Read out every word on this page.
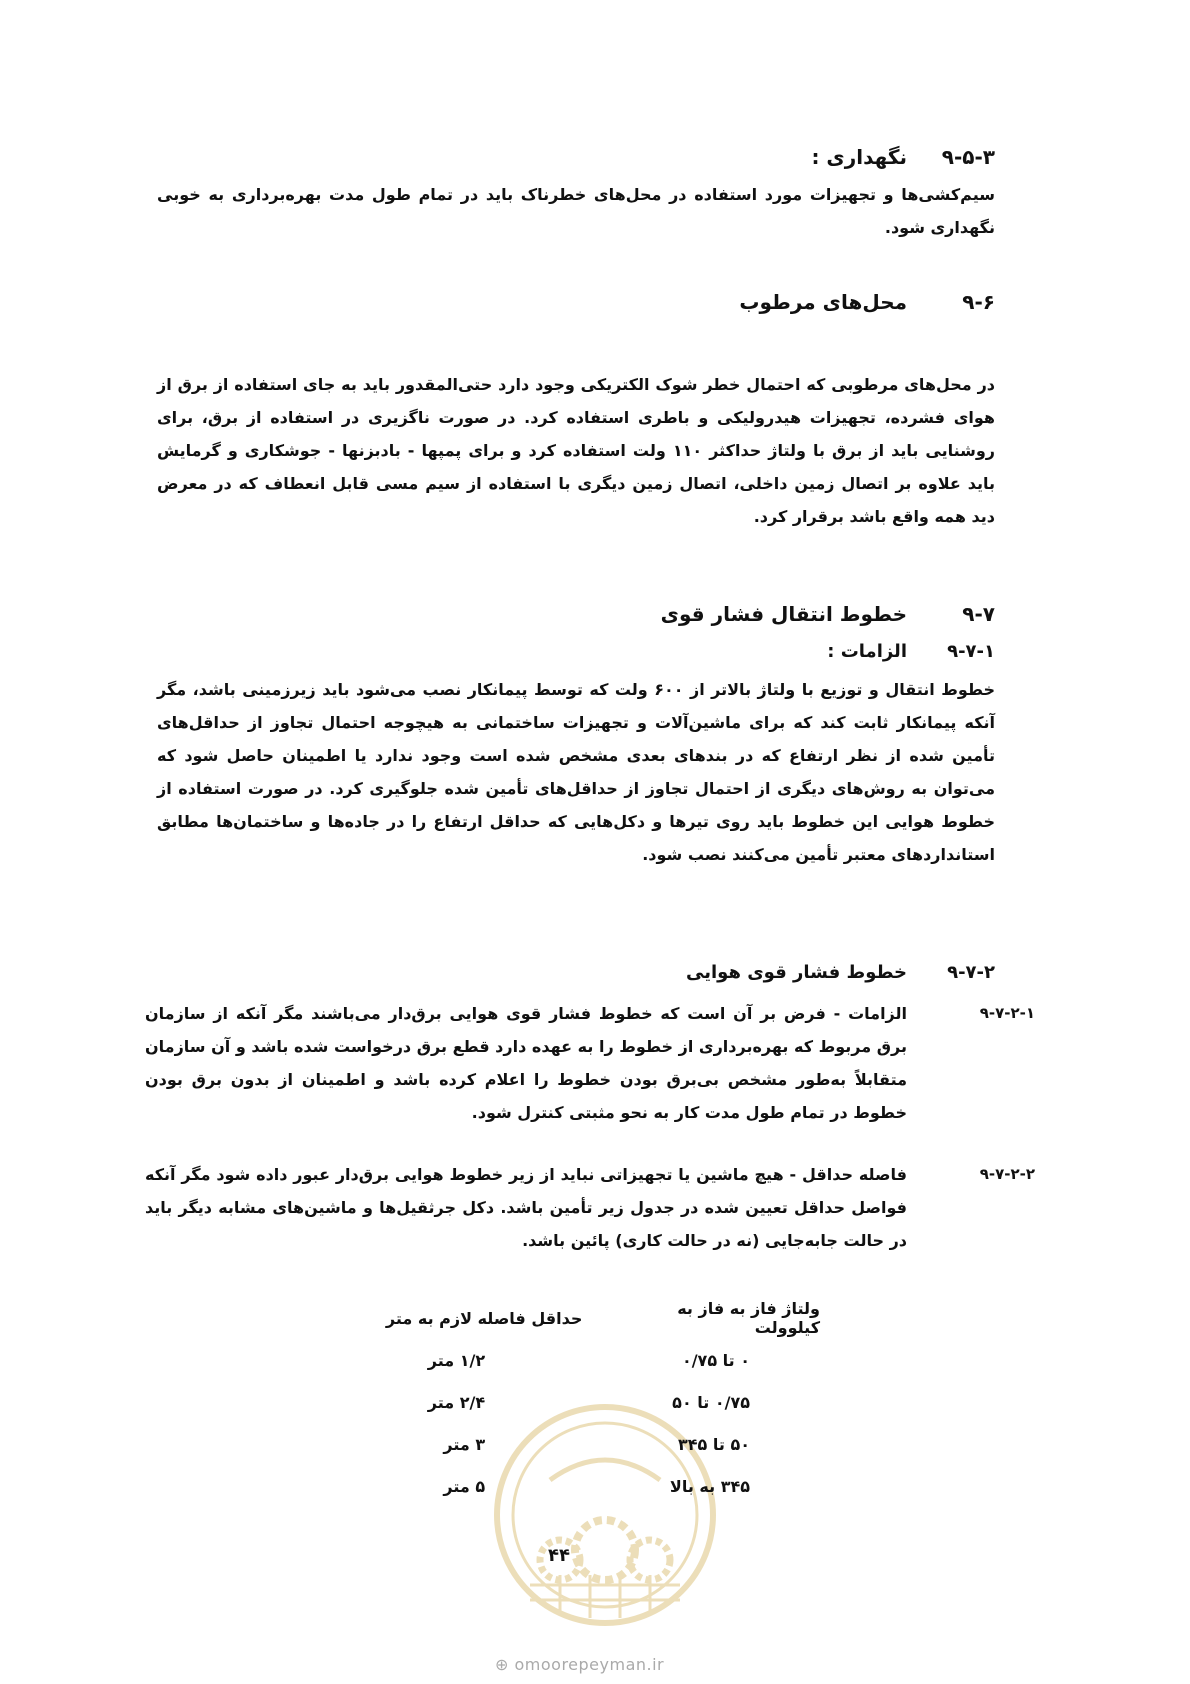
۹-۵-۳نگهداری :
سیم‌کشی‌ها و تجهیزات مورد استفاده در محل‌های خطرناک باید در تمام طول مدت بهره‌برداری به خوبی نگهداری شود.
۹-۶محل‌های مرطوب
در محل‌های مرطوبی که احتمال خطر شوک الکتریکی وجود دارد حتی‌المقدور باید به جای استفاده از برق از هوای فشرده، تجهیزات هیدرولیکی و باطری استفاده کرد. در صورت ناگزیری در استفاده از برق، برای روشنایی باید از برق با ولتاژ حداکثر ۱۱۰ ولت استفاده کرد و برای پمپها - بادبزنها - جوشکاری و گرمایش باید علاوه بر اتصال زمین داخلی، اتصال زمین دیگری با استفاده از سیم مسی قابل انعطاف که در معرض دید همه واقع باشد برقرار کرد.
۹-۷خطوط انتقال فشار قوی
۹-۷-۱الزامات :
خطوط انتقال و توزیع با ولتاژ بالاتر از ۶۰۰ ولت که توسط پیمانکار نصب می‌شود باید زیرزمینی باشد، مگر آنکه پیمانکار ثابت کند که برای ماشین‌آلات و تجهیزات ساختمانی به هیچوجه احتمال تجاوز از حداقل‌های تأمین شده از نظر ارتفاع که در بندهای بعدی مشخص شده است وجود ندارد یا اطمینان حاصل شود که می‌توان به روش‌های دیگری از احتمال تجاوز از حداقل‌های تأمین شده جلوگیری کرد. در صورت استفاده از خطوط هوایی این خطوط باید روی تیرها و دکل‌هایی که حداقل ارتفاع را در جاده‌ها و ساختمان‌ها مطابق استانداردهای معتبر تأمین می‌کنند نصب شود.
۹-۷-۲خطوط فشار قوی هوایی
۹-۷-۲-۱
الزامات - فرض بر آن است که خطوط فشار قوی هوایی برق‌دار می‌باشند مگر آنکه از سازمان برق مربوط که بهره‌برداری از خطوط را به عهده دارد قطع برق درخواست شده باشد و آن سازمان متقابلاً به‌طور مشخص بی‌برق بودن خطوط را اعلام کرده باشد و اطمینان از بدون برق بودن خطوط در تمام طول مدت کار به نحو مثبتی کنترل شود.
۹-۷-۲-۲
فاصله حداقل - هیچ ماشین یا تجهیزاتی نباید از زیر خطوط هوایی برق‌دار عبور داده شود مگر آنکه فواصل حداقل تعیین شده در جدول زیر تأمین باشد. دکل جرثقیل‌ها و ماشین‌های مشابه دیگر باید در حالت جابه‌جایی (نه در حالت کاری) پائین باشد.
ولتاژ فاز به فاز به کیلوولت
حداقل فاصله لازم به متر
۰ تا ۰/۷۵
۱/۲ متر
۰/۷۵ تا ۵۰
۲/۴ متر
۵۰ تا ۳۴۵
۳ متر
۳۴۵ به بالا
۵ متر
۴۴
⊕ omoorepeyman.ir
